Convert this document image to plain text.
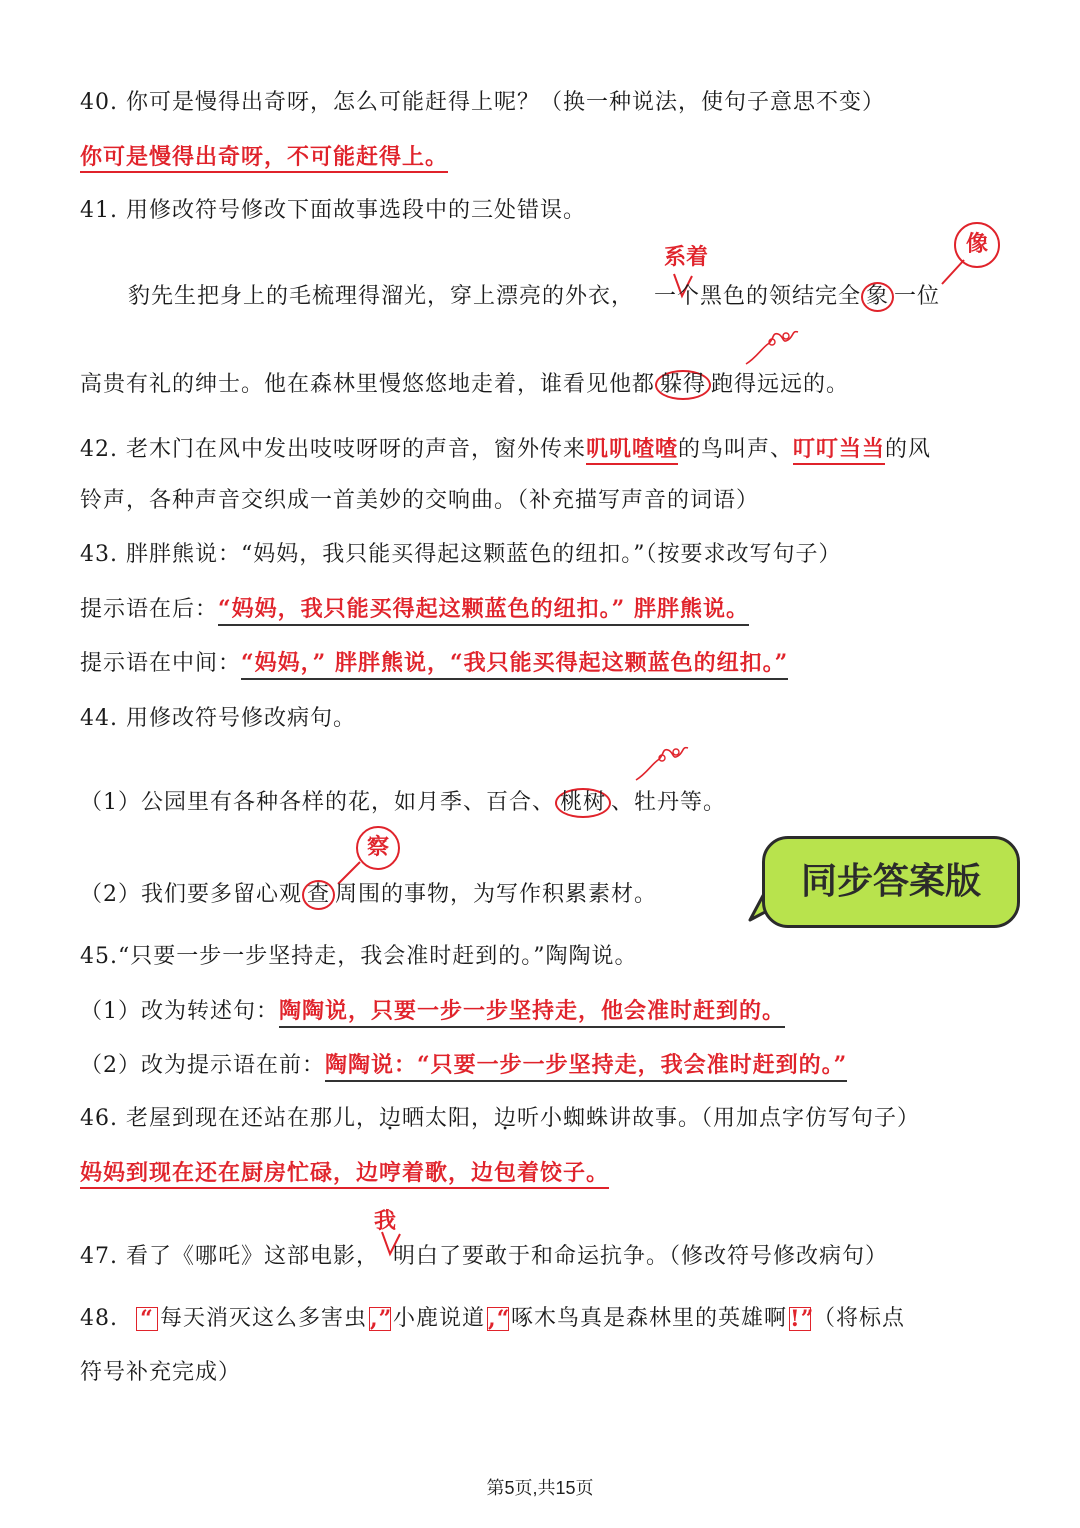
40. 你可是慢得出奇呀，怎么可能赶得上呢？（换一种说法，使句子意思不变）
你可是慢得出奇呀，不可能赶得上。
41. 用修改符号修改下面故事选段中的三处错误。
系着	像
豹先生把身上的毛梳理得溜光，穿上漂亮的外衣， 一个黑色的领结完全 象 一位
高贵有礼的绅士。他在森林里慢悠悠地走着，谁看见他都 躲得 跑得远远的。
42. 老木门在风中发出吱吱呀呀的声音，窗外传来叽叽喳喳的鸟叫声、叮叮当当的风
铃声，各种声音交织成一首美妙的交响曲。（补充描写声音的词语）
43. 胖胖熊说：“妈妈，我只能买得起这颗蓝色的纽扣。”（按要求改写句子）
提示语在后：“妈妈，我只能买得起这颗蓝色的纽扣。” 胖胖熊说。
提示语在中间：“妈妈，” 胖胖熊说，“我只能买得起这颗蓝色的纽扣。”
44. 用修改符号修改病句。
（1）公园里有各种各样的花，如月季、百合、 桃树 、牡丹等。
察
（2）我们要多留心观 查 周围的事物，为写作积累素材。	同步答案版
45.“只要一步一步坚持走，我会准时赶到的。”陶陶说。
（1）改为转述句：陶陶说，只要一步一步坚持走，他会准时赶到的。
（2）改为提示语在前：陶陶说：“只要一步一步坚持走，我会准时赶到的。”
46. 老屋到现在还站在那儿，边晒太阳，边听小蜘蛛讲故事。（用加点字仿写句子）
妈妈到现在还在厨房忙碌，边哼着歌，边包着饺子。
我
47. 看了《哪吒》这部电影， 明白了要敢于和命运抗争。（修改符号修改病句）
48. “ 每天消灭这么多害虫 ,”小鹿说道 ,“啄木鸟真是森林里的英雄啊 !”（将标点
符号补充完成）
第5页,共15页
